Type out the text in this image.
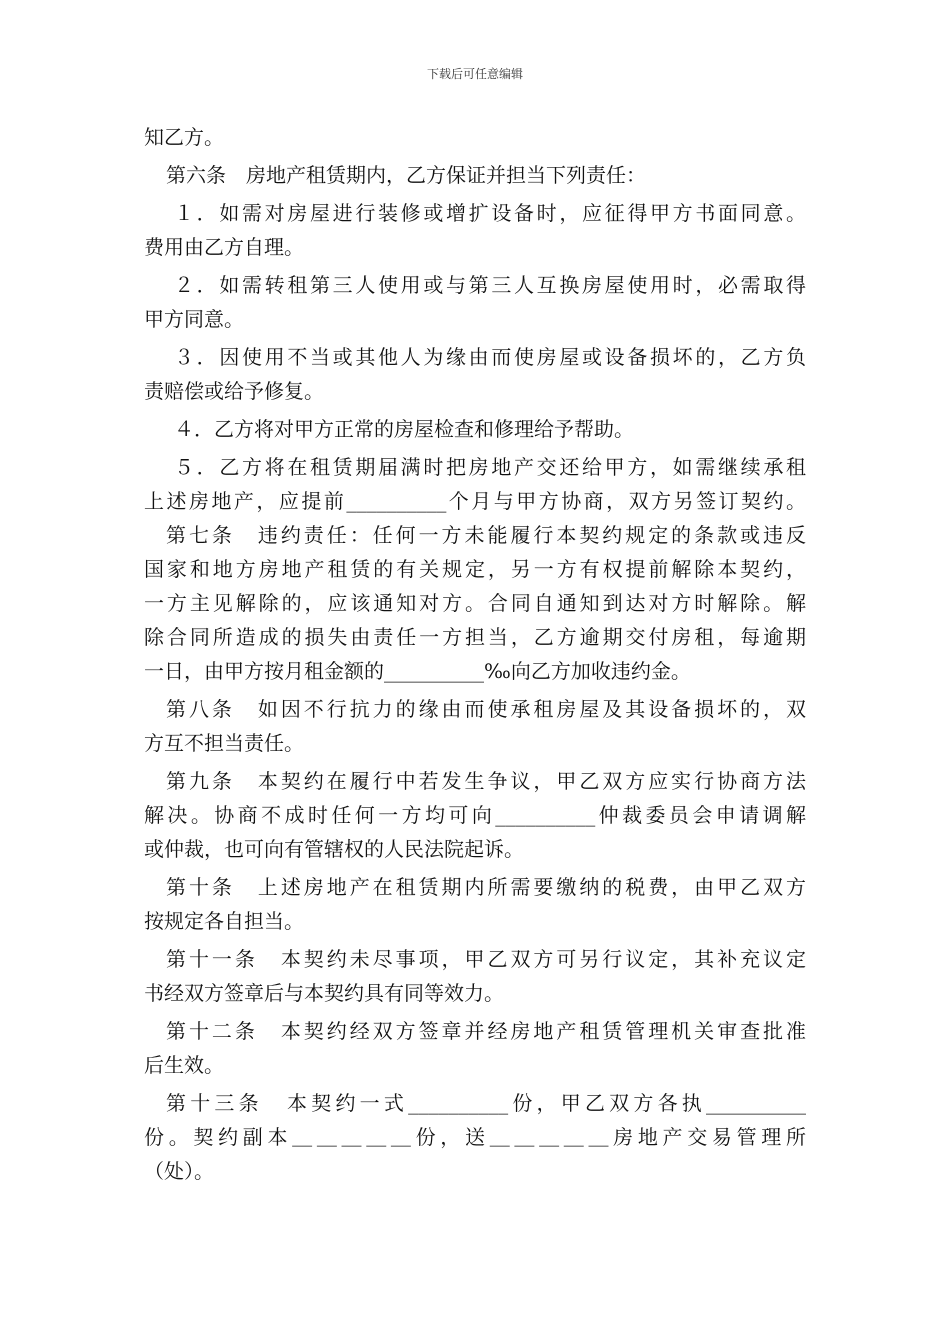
下载后可任意编辑
知乙方。
第六条　房地产租赁期内，乙方保证并担当下列责任：
１．如需对房屋进行装修或增扩设备时，应征得甲方书面同意。
费用由乙方自理。
２．如需转租第三人使用或与第三人互换房屋使用时，必需取得
甲方同意。
３．因使用不当或其他人为缘由而使房屋或设备损坏的，乙方负
责赔偿或给予修复。
４．乙方将对甲方正常的房屋检查和修理给予帮助。
５．乙方将在租赁期届满时把房地产交还给甲方，如需继续承租
上述房地产，应提前__________个月与甲方协商，双方另签订契约。
第七条　违约责任：任何一方未能履行本契约规定的条款或违反
国家和地方房地产租赁的有关规定，另一方有权提前解除本契约，
一方主见解除的，应该通知对方。合同自通知到达对方时解除。解
除合同所造成的损失由责任一方担当，乙方逾期交付房租，每逾期
一日，由甲方按月租金额的__________‰向乙方加收违约金。
第八条　如因不行抗力的缘由而使承租房屋及其设备损坏的，双
方互不担当责任。
第九条　本契约在履行中若发生争议，甲乙双方应实行协商方法
解决。协商不成时任何一方均可向__________仲裁委员会申请调解
或仲裁，也可向有管辖权的人民法院起诉。
第十条　上述房地产在租赁期内所需要缴纳的税费，由甲乙双方
按规定各自担当。
第十一条　本契约未尽事项，甲乙双方可另行议定，其补充议定
书经双方签章后与本契约具有同等效力。
第十二条　本契约经双方签章并经房地产租赁管理机关审查批准
后生效。
第十三条　本契约一式__________份，甲乙双方各执__________
份。契约副本＿＿＿＿＿份，送＿＿＿＿＿房地产交易管理所
（处）。
